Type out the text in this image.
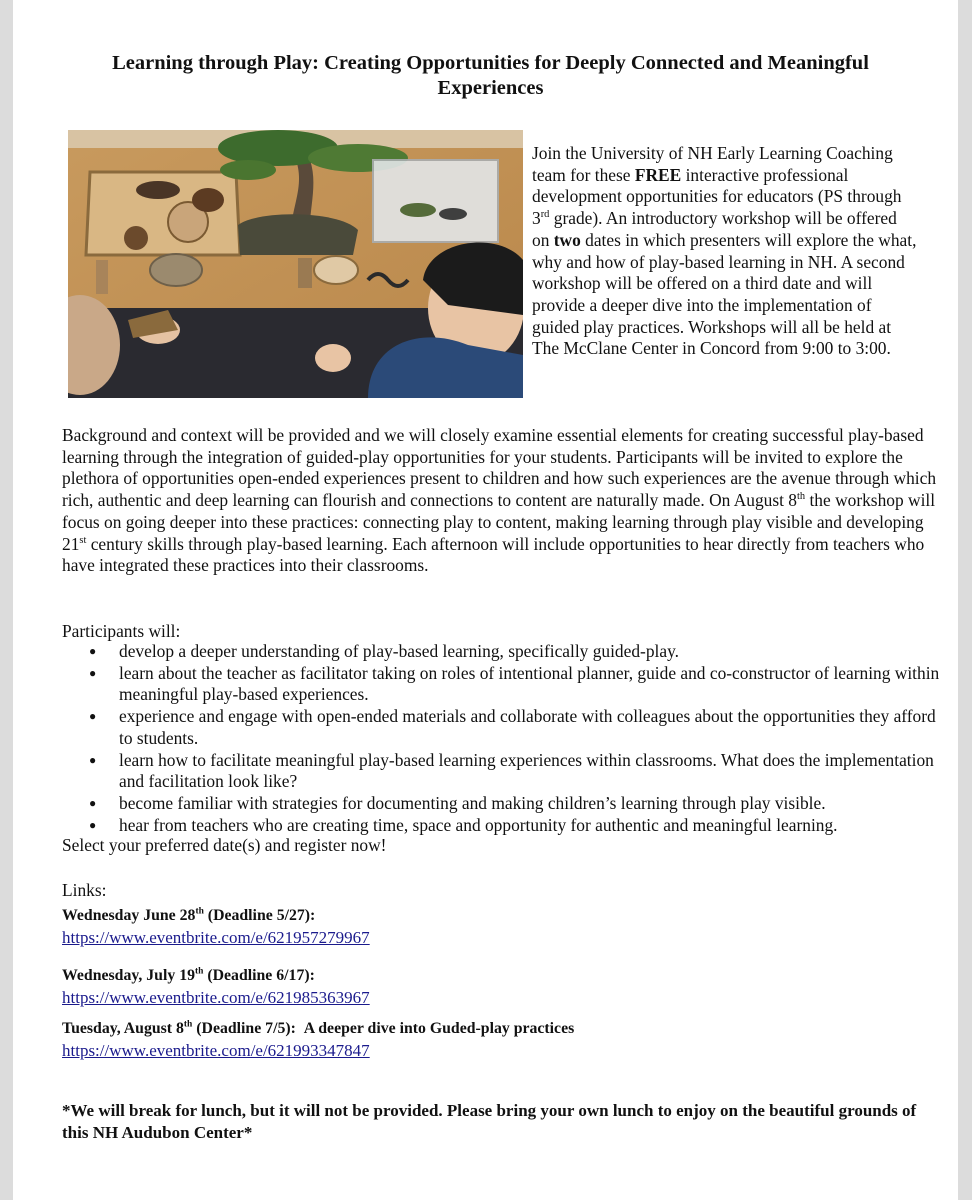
Learning through Play: Creating Opportunities for Deeply Connected and Meaningful Experiences
Join the University of NH Early Learning Coaching team for these FREE interactive professional development opportunities for educators (PS through 3rd grade). An introductory workshop will be offered on two dates in which presenters will explore the what, why and how of play-based learning in NH. A second workshop will be offered on a third date and will provide a deeper dive into the implementation of guided play practices. Workshops will all be held at The McClane Center in Concord from 9:00 to 3:00.
Background and context will be provided and we will closely examine essential elements for creating successful play-based learning through the integration of guided-play opportunities for your students. Participants will be invited to explore the plethora of opportunities open-ended experiences present to children and how such experiences are the avenue through which rich, authentic and deep learning can flourish and connections to content are naturally made. On August 8th the workshop will focus on going deeper into these practices: connecting play to content, making learning through play visible and developing 21st century skills through play-based learning. Each afternoon will include opportunities to hear directly from teachers who have integrated these practices into their classrooms.
Participants will:
● develop a deeper understanding of play-based learning, specifically guided-play.
● learn about the teacher as facilitator taking on roles of intentional planner, guide and co-constructor of learning within meaningful play-based experiences.
● experience and engage with open-ended materials and collaborate with colleagues about the opportunities they afford to students.
● learn how to facilitate meaningful play-based learning experiences within classrooms. What does the implementation and facilitation look like?
● become familiar with strategies for documenting and making children’s learning through play visible.
● hear from teachers who are creating time, space and opportunity for authentic and meaningful learning.
Select your preferred date(s) and register now!
Links:
Wednesday June 28th (Deadline 5/27):
https://www.eventbrite.com/e/621957279967
Wednesday, July 19th (Deadline 6/17):
https://www.eventbrite.com/e/621985363967
Tuesday, August 8th (Deadline 7/5): A deeper dive into Guded-play practices
https://www.eventbrite.com/e/621993347847
*We will break for lunch, but it will not be provided. Please bring your own lunch to enjoy on the beautiful grounds of this NH Audubon Center*
